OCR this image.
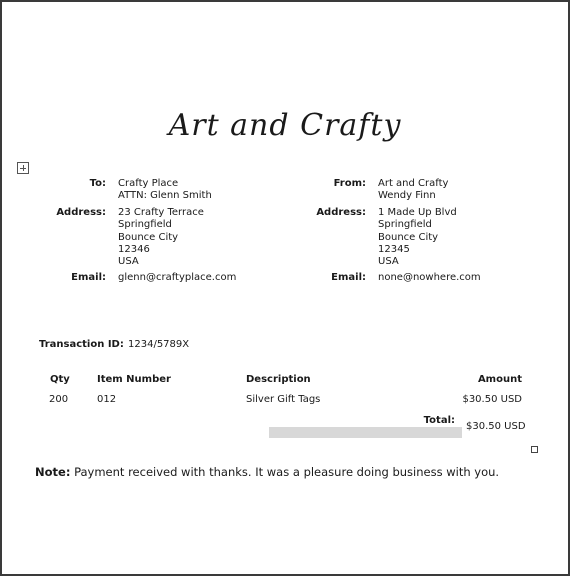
Art and Crafty
To: Crafty Place
ATTN: Glenn Smith
Address: 23 Crafty Terrace
Springfield
Bounce City
12346
USA
Email: glenn@craftyplace.com
From: Art and Crafty
Wendy Finn
Address: 1 Made Up Blvd
Springfield
Bounce City
12345
USA
Email: none@nowhere.com
Transaction ID: 1234/5789X
Qty	Item Number	Description	Amount
200	012	Silver Gift Tags	$30.50 USD
Total:
$30.50 USD
Note: Payment received with thanks. It was a pleasure doing business with you.
